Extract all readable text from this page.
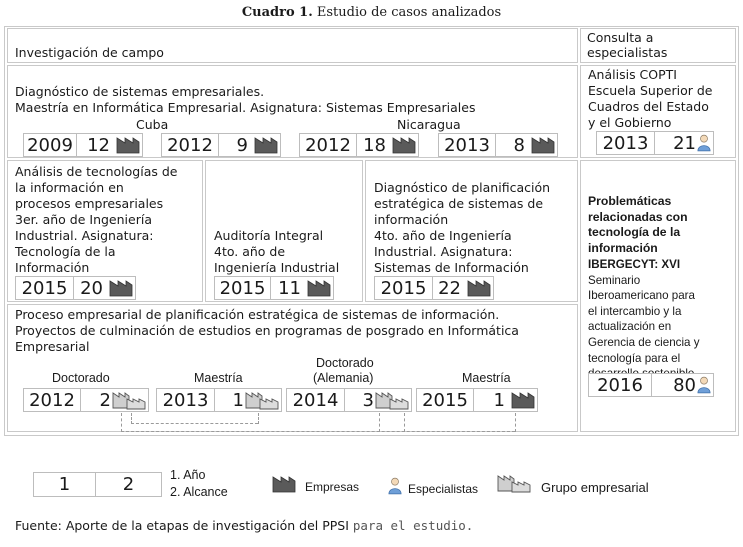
Cuadro 1. Estudio de casos analizados
Investigación de campo
Consulta a
especialistas
Diagnóstico de sistemas empresariales.
Maestría en Informática Empresarial. Asignatura: Sistemas Empresariales
Cuba	Nicaragua
2009 12	2012	9	2012 18	2013	8
Análisis COPTI
Escuela Superior de
Cuadros del Estado
y el Gobierno
2013	21
Análisis de tecnologías de
la información en
procesos empresariales
3er. año de Ingeniería
Industrial. Asignatura:
Tecnología de la
Información
2015 20
Auditoría Integral
4to. año de
Ingeniería Industrial
2015 11
Diagnóstico de planificación
estratégica de sistemas de
información
4to. año de Ingeniería
Industrial. Asignatura:
Sistemas de Información
2015 22
Problemáticas
relacionadas con
tecnología de la
información
IBERGECYT: XVI
Seminario
Iberoamericano para
el intercambio y la
actualización en
Gerencia de ciencia y
tecnología para el
2016	80
Proceso empresarial de planificación estratégica de sistemas de información.
Proyectos de culminación de estudios en programas de posgrado en Informática
Empresarial
Doctorado	Maestría
Doctorado
(Alemania)	Maestría
2012	2	2013	1	2014	3	2015	1
1	2	1. Año
2. Alcance	Empresas	Especialistas	Grupo empresarial
Fuente: Aporte de la etapas de investigación del PPSI para el estudio.
